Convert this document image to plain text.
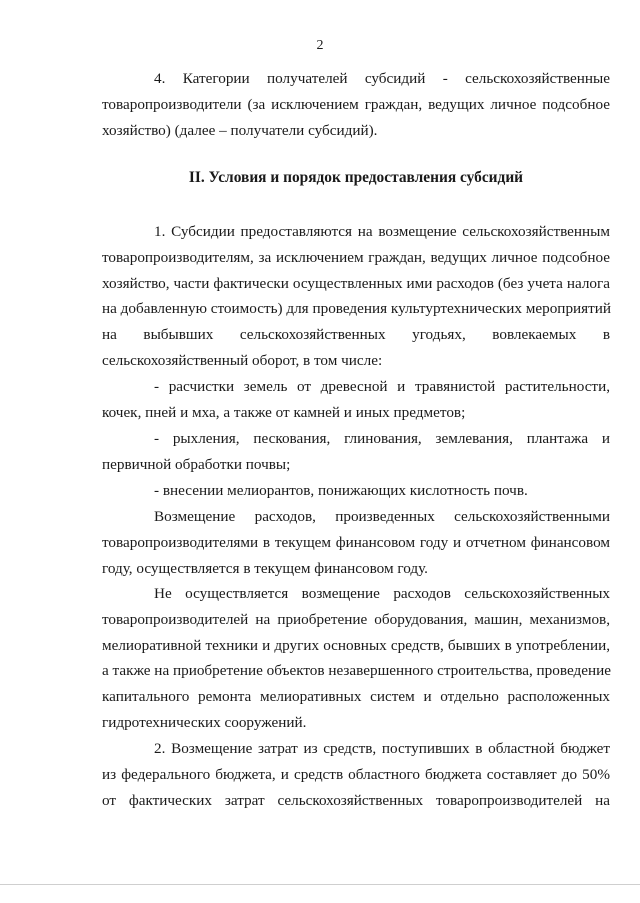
2
4. Категории получателей субсидий - сельскохозяйственные
товаропроизводители (за исключением граждан, ведущих личное подсобное
хозяйство) (далее – получатели субсидий).
II. Условия и порядок предоставления субсидий
1. Субсидии предоставляются на возмещение сельскохозяйственным
товаропроизводителям, за исключением граждан, ведущих личное подсобное
хозяйство, части фактически осуществленных ими расходов (без учета налога
на добавленную стоимость) для проведения культуртехнических мероприятий
на выбывших сельскохозяйственных угодьях, вовлекаемых в
сельскохозяйственный оборот, в том числе:
- расчистки земель от древесной и травянистой растительности,
кочек, пней и мха, а также от камней и иных предметов;
- рыхления, пескования, глинования, землевания, плантажа и
первичной обработки почвы;
- внесении мелиорантов, понижающих кислотность почв.
Возмещение расходов, произведенных сельскохозяйственными
товаропроизводителями в текущем финансовом году и отчетном финансовом
году, осуществляется в текущем финансовом году.
Не осуществляется возмещение расходов сельскохозяйственных
товаропроизводителей на приобретение оборудования, машин, механизмов,
мелиоративной техники и других основных средств, бывших в употреблении,
а также на приобретение объектов незавершенного строительства, проведение
капитального ремонта мелиоративных систем и отдельно расположенных
гидротехнических сооружений.
2. Возмещение затрат из средств, поступивших в областной бюджет
из федерального бюджета, и средств областного бюджета составляет до 50%
от фактических затрат сельскохозяйственных товаропроизводителей на
